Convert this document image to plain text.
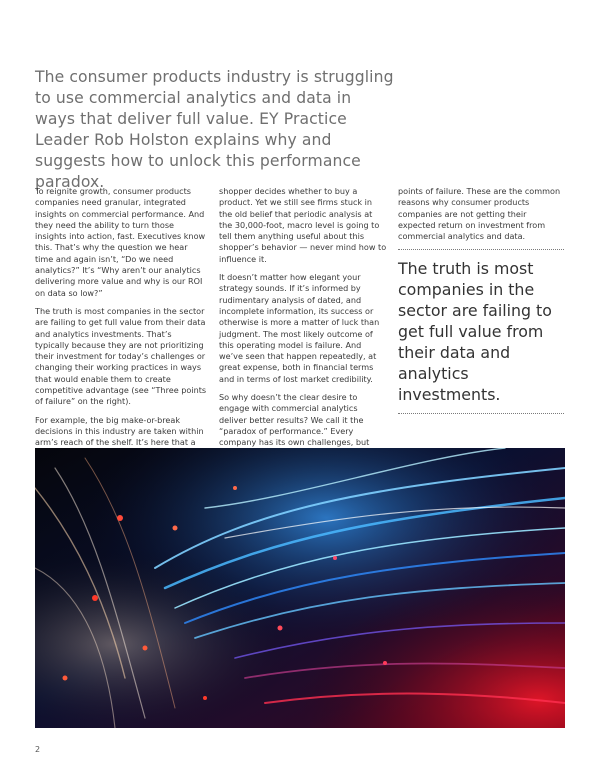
The consumer products industry is struggling to use commercial analytics and data in ways that deliver full value. EY Practice Leader Rob Holston explains why and suggests how to unlock this performance paradox.

To reignite growth, consumer products companies need granular, integrated insights on commercial performance. And they need the ability to turn those insights into action, fast. Executives know this. That’s why the question we hear time and again isn’t, “Do we need analytics?” It’s “Why aren’t our analytics delivering more value and why is our ROI on data so low?”

The truth is most companies in the sector are failing to get full value from their data and analytics investments. That’s typically because they are not prioritizing their investment for today’s challenges or changing their working practices in ways that would enable them to create competitive advantage (see “Three points of failure” on the right).

For example, the big make-or-break decisions in this industry are taken within arm’s reach of the shelf. It’s here that a

shopper decides whether to buy a product. Yet we still see firms stuck in the old belief that periodic analysis at the 30,000-foot, macro level is going to tell them anything useful about this shopper’s behavior — never mind how to influence it.

It doesn’t matter how elegant your strategy sounds. If it’s informed by rudimentary analysis of dated, and incomplete information, its success or otherwise is more a matter of luck than judgment. The most likely outcome of this operating model is failure. And we’ve seen that happen repeatedly, at great expense, both in financial terms and in terms of lost market credibility.

So why doesn’t the clear desire to engage with commercial analytics deliver better results? We call it the “paradox of performance.” Every company has its own challenges, but

points of failure. These are the common reasons why consumer products companies are not getting their expected return on investment from commercial analytics and data.

The truth is most companies in the sector are failing to get full value from their data and analytics investments.
2
